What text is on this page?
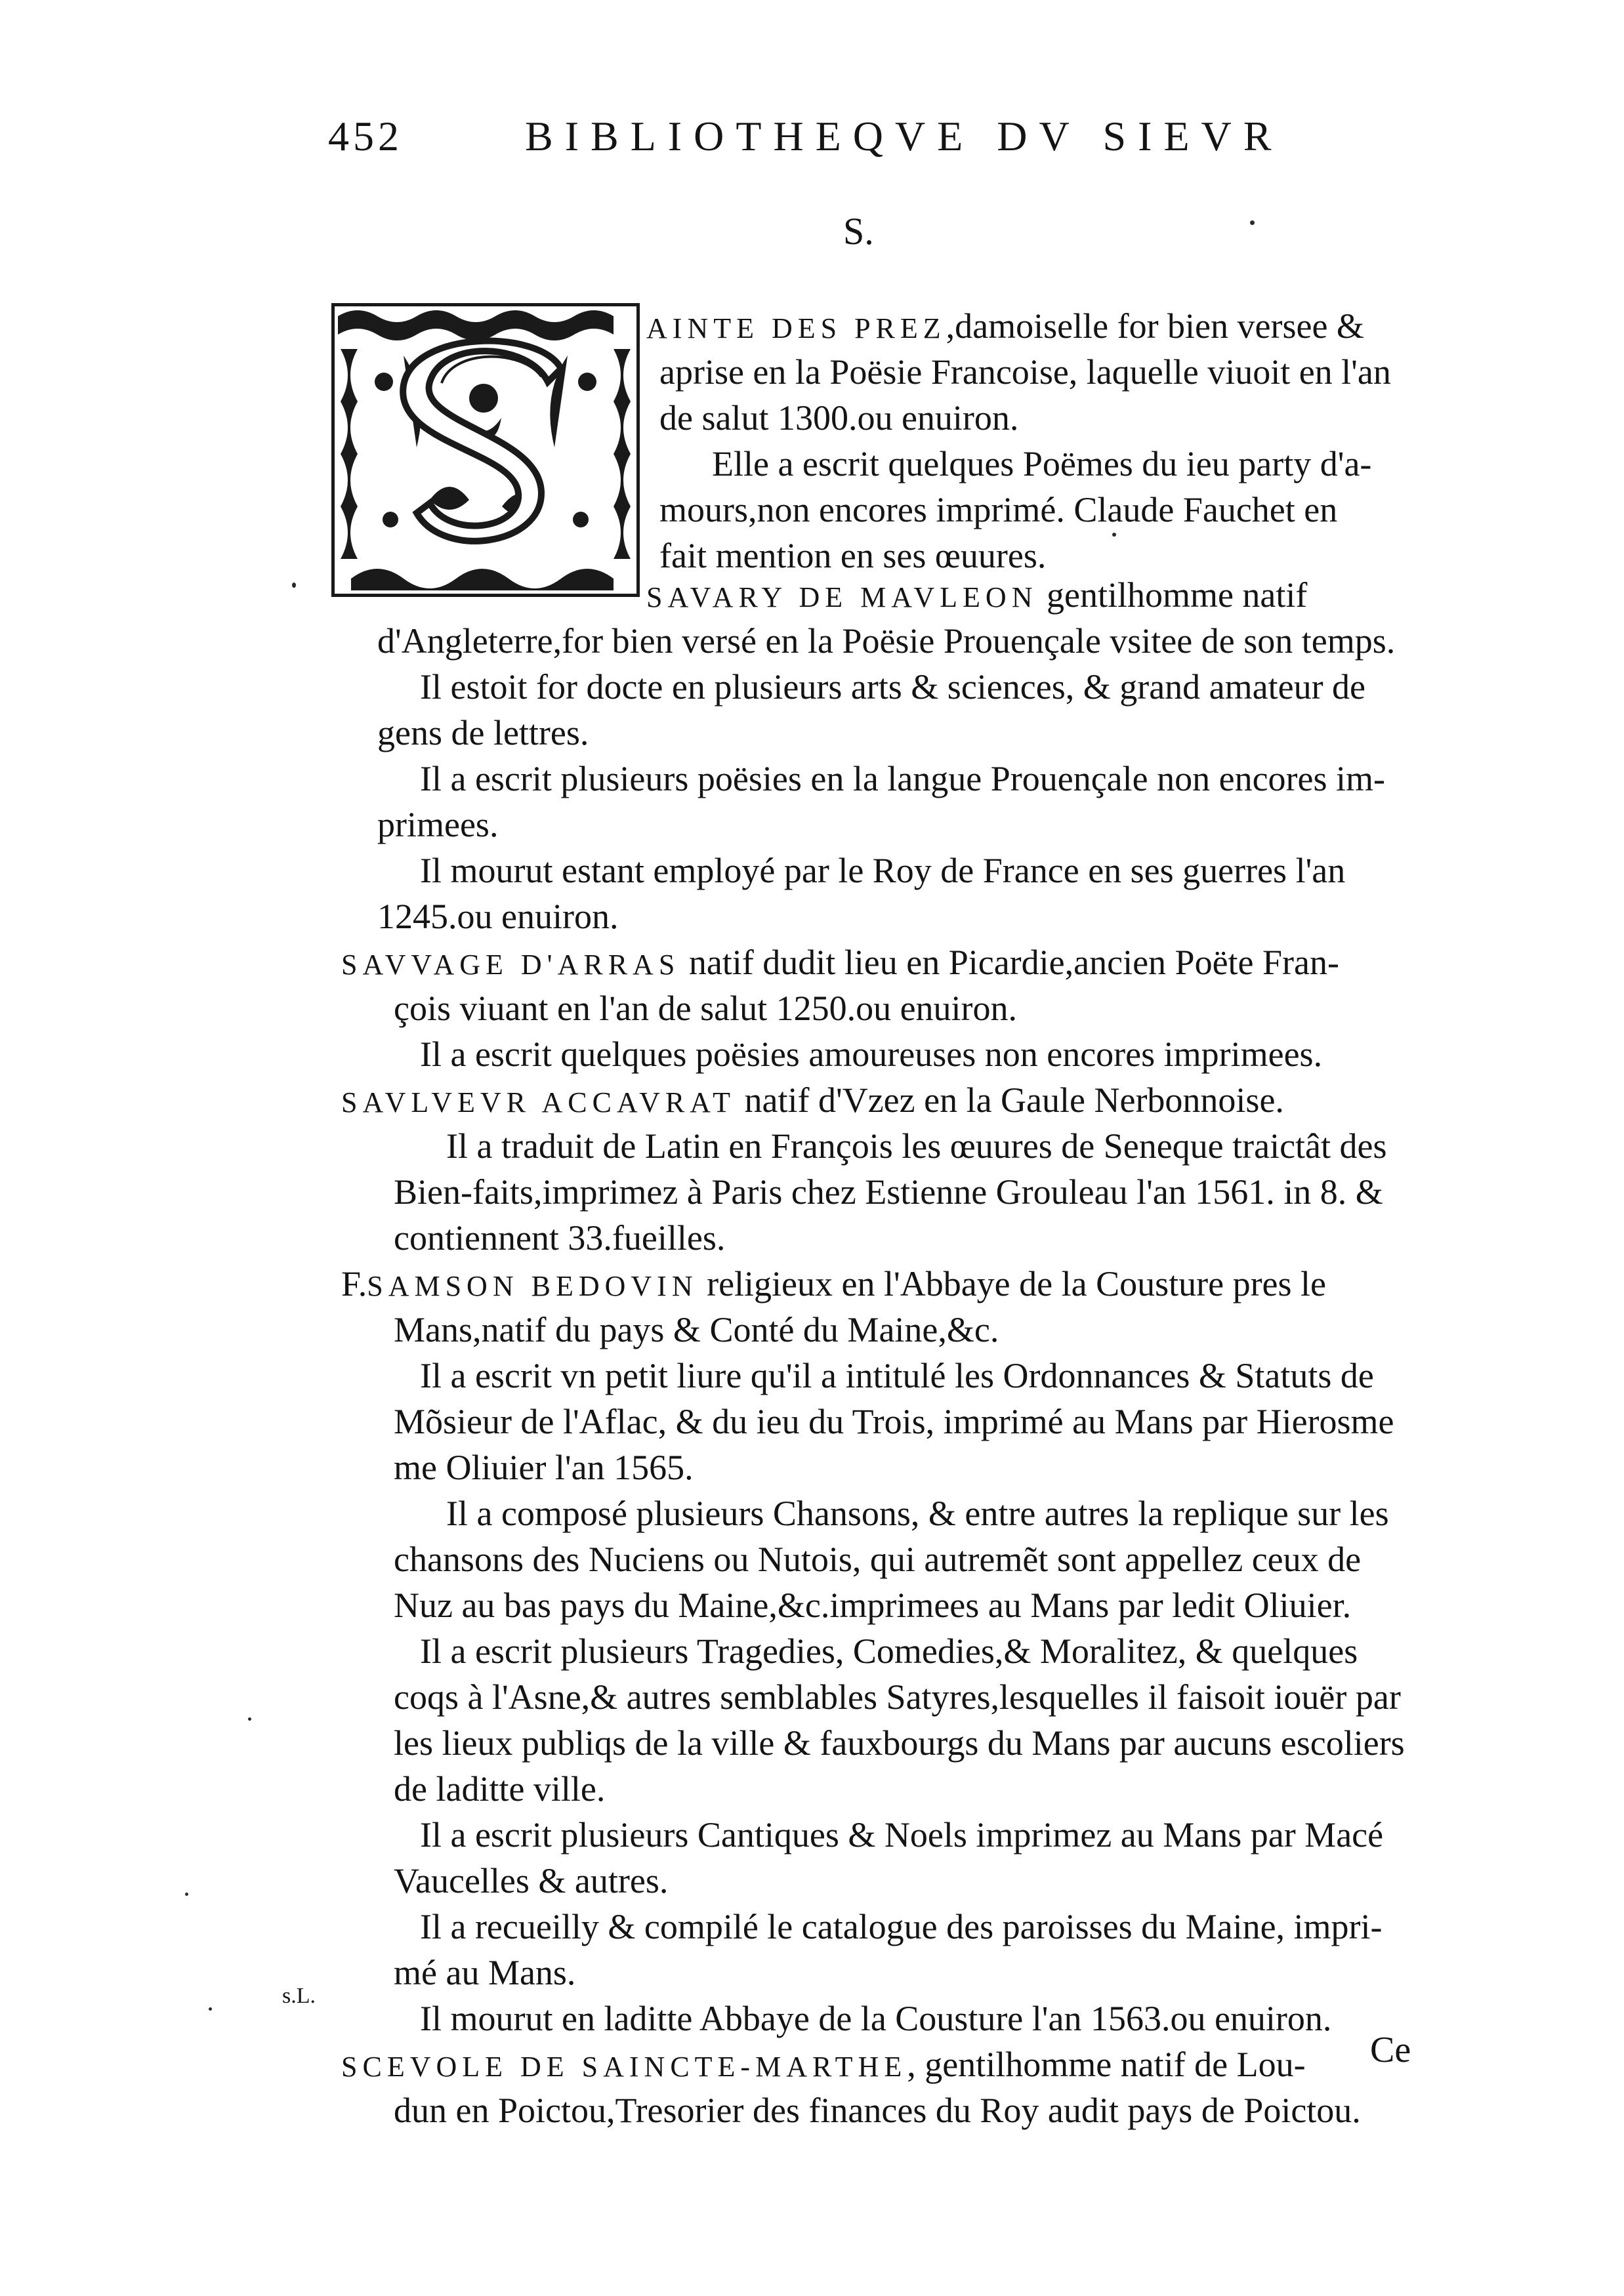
452	BIBLIOTHEQVE DV SIEVR
S.
AINTE DES PREZ,damoiselle for bien versee &
aprise en la Poësie Francoise, laquelle viuoit en l'an
de salut 1300.ou enuiron.
Elle a escrit quelques Poëmes du ieu party d'a-
mours,non encores imprimé. Claude Fauchet en
fait mention en ses œuures.
SAVARY DE MAVLEON gentilhomme natif
d'Angleterre,for bien versé en la Poësie Prouençale vsitee de son temps.
Il estoit for docte en plusieurs arts & sciences, & grand amateur de
gens de lettres.
Il a escrit plusieurs poësies en la langue Prouençale non encores im-
primees.
Il mourut estant employé par le Roy de France en ses guerres l'an
1245.ou enuiron.
SAVVAGE D'ARRAS natif dudit lieu en Picardie,ancien Poëte Fran-
çois viuant en l'an de salut 1250.ou enuiron.
Il a escrit quelques poësies amoureuses non encores imprimees.
SAVLVEVR ACCAVRAT natif d'Vzez en la Gaule Nerbonnoise.
Il a traduit de Latin en François les œuures de Seneque traictât des
Bien-faits,imprimez à Paris chez Estienne Grouleau l'an 1561. in 8. &
contiennent 33.fueilles.
F.SAMSON BEDOVIN religieux en l'Abbaye de la Cousture pres le
Mans,natif du pays & Conté du Maine,&c.
Il a escrit vn petit liure qu'il a intitulé les Ordonnances & Statuts de
Mõsieur de l'Aflac, & du ieu du Trois, imprimé au Mans par Hierosme
me Oliuier l'an 1565.
Il a composé plusieurs Chansons, & entre autres la replique sur les
chansons des Nuciens ou Nutois, qui autremẽt sont appellez ceux de
Nuz au bas pays du Maine,&c.imprimees au Mans par ledit Oliuier.
Il a escrit plusieurs Tragedies, Comedies,& Moralitez, & quelques
coqs à l'Asne,& autres semblables Satyres,lesquelles il faisoit iouër par
les lieux publiqs de la ville & fauxbourgs du Mans par aucuns escoliers
de laditte ville.
Il a escrit plusieurs Cantiques & Noels imprimez au Mans par Macé
Vaucelles & autres.
Il a recueilly & compilé le catalogue des paroisses du Maine, impri-
mé au Mans.
Il mourut en laditte Abbaye de la Cousture l'an 1563.ou enuiron.
SCEVOLE DE SAINCTE-MARTHE, gentilhomme natif de Lou-
dun en Poictou,Tresorier des finances du Roy audit pays de Poictou.
s.L.
Ce
